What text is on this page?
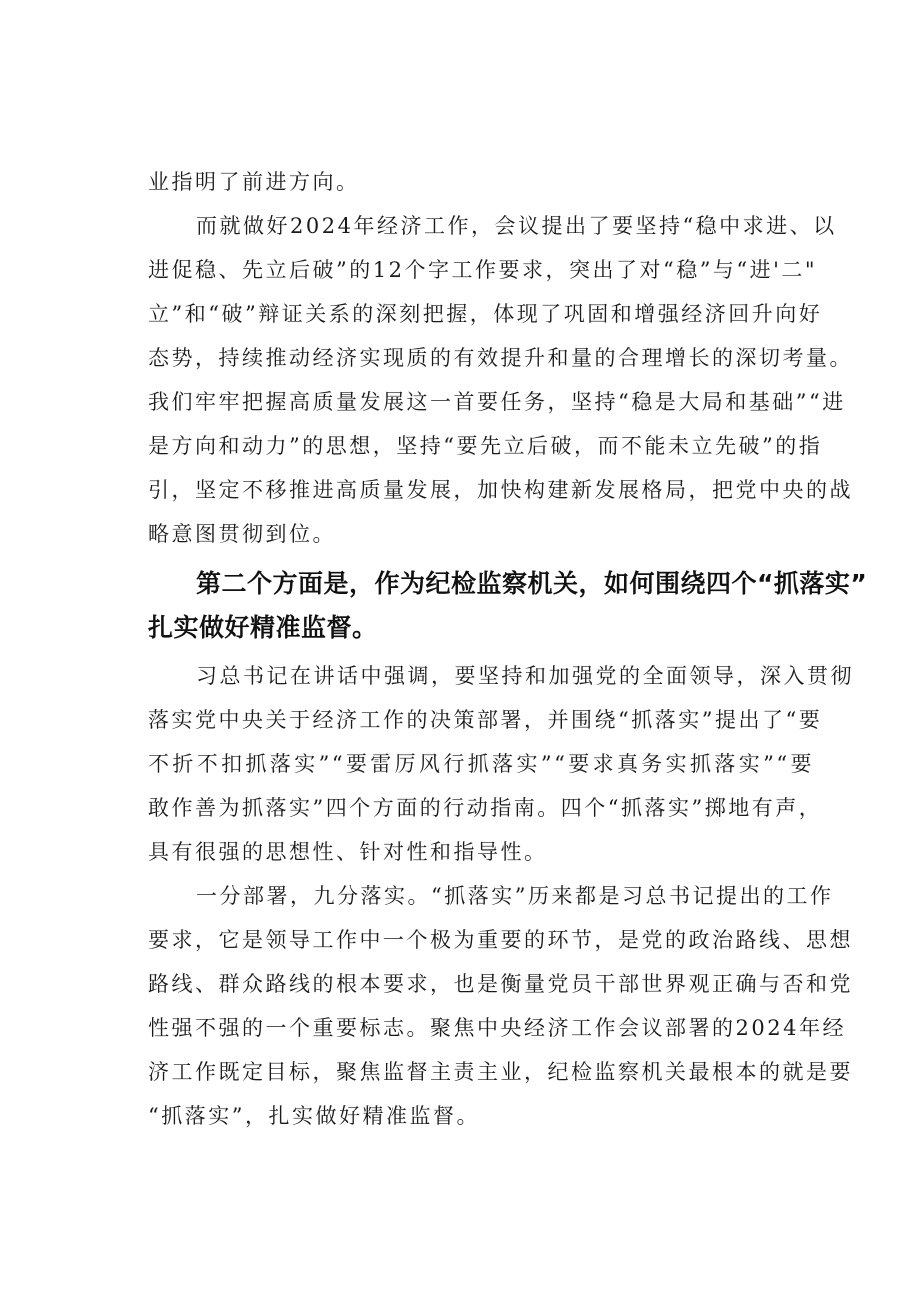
业指明了前进方向。

而就做好2024年经济工作，会议提出了要坚持“稳中求进、以
进促稳、先立后破”的12个字工作要求，突出了对“稳”与“进'二"
立”和“破”辩证关系的深刻把握，体现了巩固和增强经济回升向好
态势，持续推动经济实现质的有效提升和量的合理增长的深切考量。
我们牢牢把握高质量发展这一首要任务，坚持“稳是大局和基础”“进
是方向和动力”的思想，坚持“要先立后破，而不能未立先破”的指
引，坚定不移推进高质量发展，加快构建新发展格局，把党中央的战
略意图贯彻到位。

第二个方面是，作为纪检监察机关，如何围绕四个“抓落实”
扎实做好精准监督。

习总书记在讲话中强调，要坚持和加强党的全面领导，深入贯彻
落实党中央关于经济工作的决策部署，并围绕“抓落实”提出了“要
不折不扣抓落实”“要雷厉风行抓落实”“要求真务实抓落实”“要
敢作善为抓落实”四个方面的行动指南。四个“抓落实”掷地有声，
具有很强的思想性、针对性和指导性。

一分部署，九分落实。“抓落实”历来都是习总书记提出的工作
要求，它是领导工作中一个极为重要的环节，是党的政治路线、思想
路线、群众路线的根本要求，也是衡量党员干部世界观正确与否和党
性强不强的一个重要标志。聚焦中央经济工作会议部署的2024年经
济工作既定目标，聚焦监督主责主业，纪检监察机关最根本的就是要
“抓落实”，扎实做好精准监督。
